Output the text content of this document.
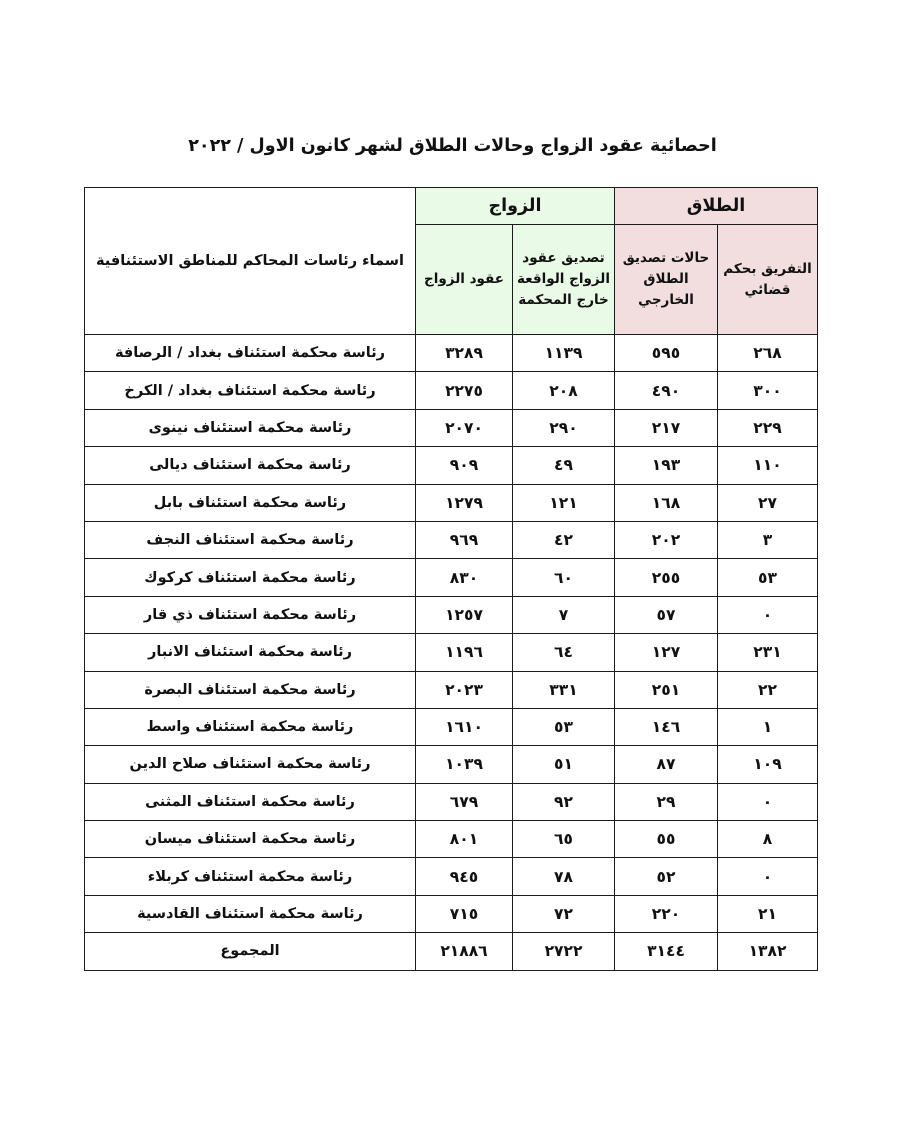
احصائية عقود الزواج وحالات الطلاق لشهر كانون الاول / ٢٠٢٢
الطلاق		الزواج		اسماء رئاسات المحاكم للمناطق الاستئنافية
التفريق بحكم قضائي	حالات تصديق الطلاق الخارجي	تصديق عقود الزواج الواقعة خارج المحكمة	عقود الزواج	
٢٦٨	٥٩٥	١١٣٩	٣٢٨٩	رئاسة محكمة استئناف بغداد / الرصافة
٣٠٠	٤٩٠	٢٠٨	٢٢٧٥	رئاسة محكمة استئناف بغداد / الكرخ
٢٢٩	٢١٧	٢٩٠	٢٠٧٠	رئاسة محكمة استئناف نينوى
١١٠	١٩٣	٤٩	٩٠٩	رئاسة محكمة استئناف ديالى
٢٧	١٦٨	١٢١	١٢٧٩	رئاسة محكمة استئناف بابل
٣	٢٠٢	٤٢	٩٦٩	رئاسة محكمة استئناف النجف
٥٣	٢٥٥	٦٠	٨٣٠	رئاسة محكمة استئناف كركوك
٠	٥٧	٧	١٢٥٧	رئاسة محكمة استئناف ذي قار
٢٣١	١٢٧	٦٤	١١٩٦	رئاسة محكمة استئناف الانبار
٢٢	٢٥١	٣٣١	٢٠٢٣	رئاسة محكمة استئناف البصرة
١	١٤٦	٥٣	١٦١٠	رئاسة محكمة استئناف واسط
١٠٩	٨٧	٥١	١٠٣٩	رئاسة محكمة استئناف صلاح الدين
٠	٢٩	٩٢	٦٧٩	رئاسة محكمة استئناف المثنى
٨	٥٥	٦٥	٨٠١	رئاسة محكمة استئناف ميسان
٠	٥٢	٧٨	٩٤٥	رئاسة محكمة استئناف كربلاء
٢١	٢٢٠	٧٢	٧١٥	رئاسة محكمة استئناف القادسية
١٣٨٢	٣١٤٤	٢٧٢٢	٢١٨٨٦	المجموع
